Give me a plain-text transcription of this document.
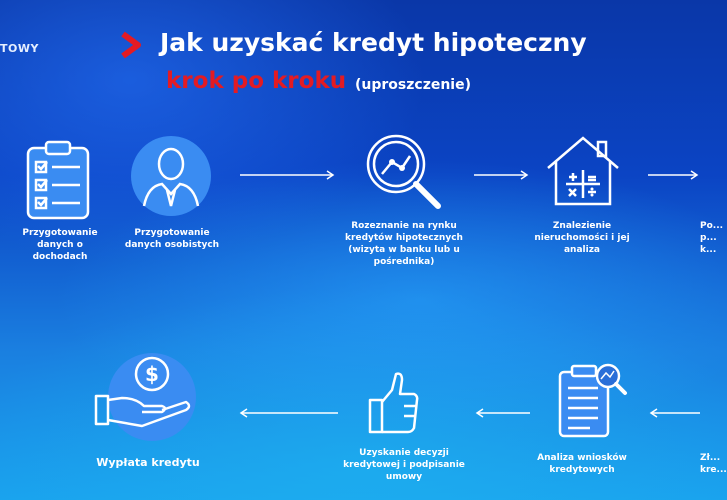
TOWY	Jak uzyskać kredyt hipoteczny
krok po kroku (uproszczenie)
Przygotowanie danych o dochodach
Przygotowanie danych osobistych
Rozeznanie na rynku kredytów hipotecznych (wizyta w banku lub u pośrednika)
Znalezienie nieruchomości i jej analiza
Po... p... k...
Zł... kre...
Analiza wniosków kredytowych
Uzyskanie decyzji kredytowej i podpisanie umowy
$
Wypłata kredytu
